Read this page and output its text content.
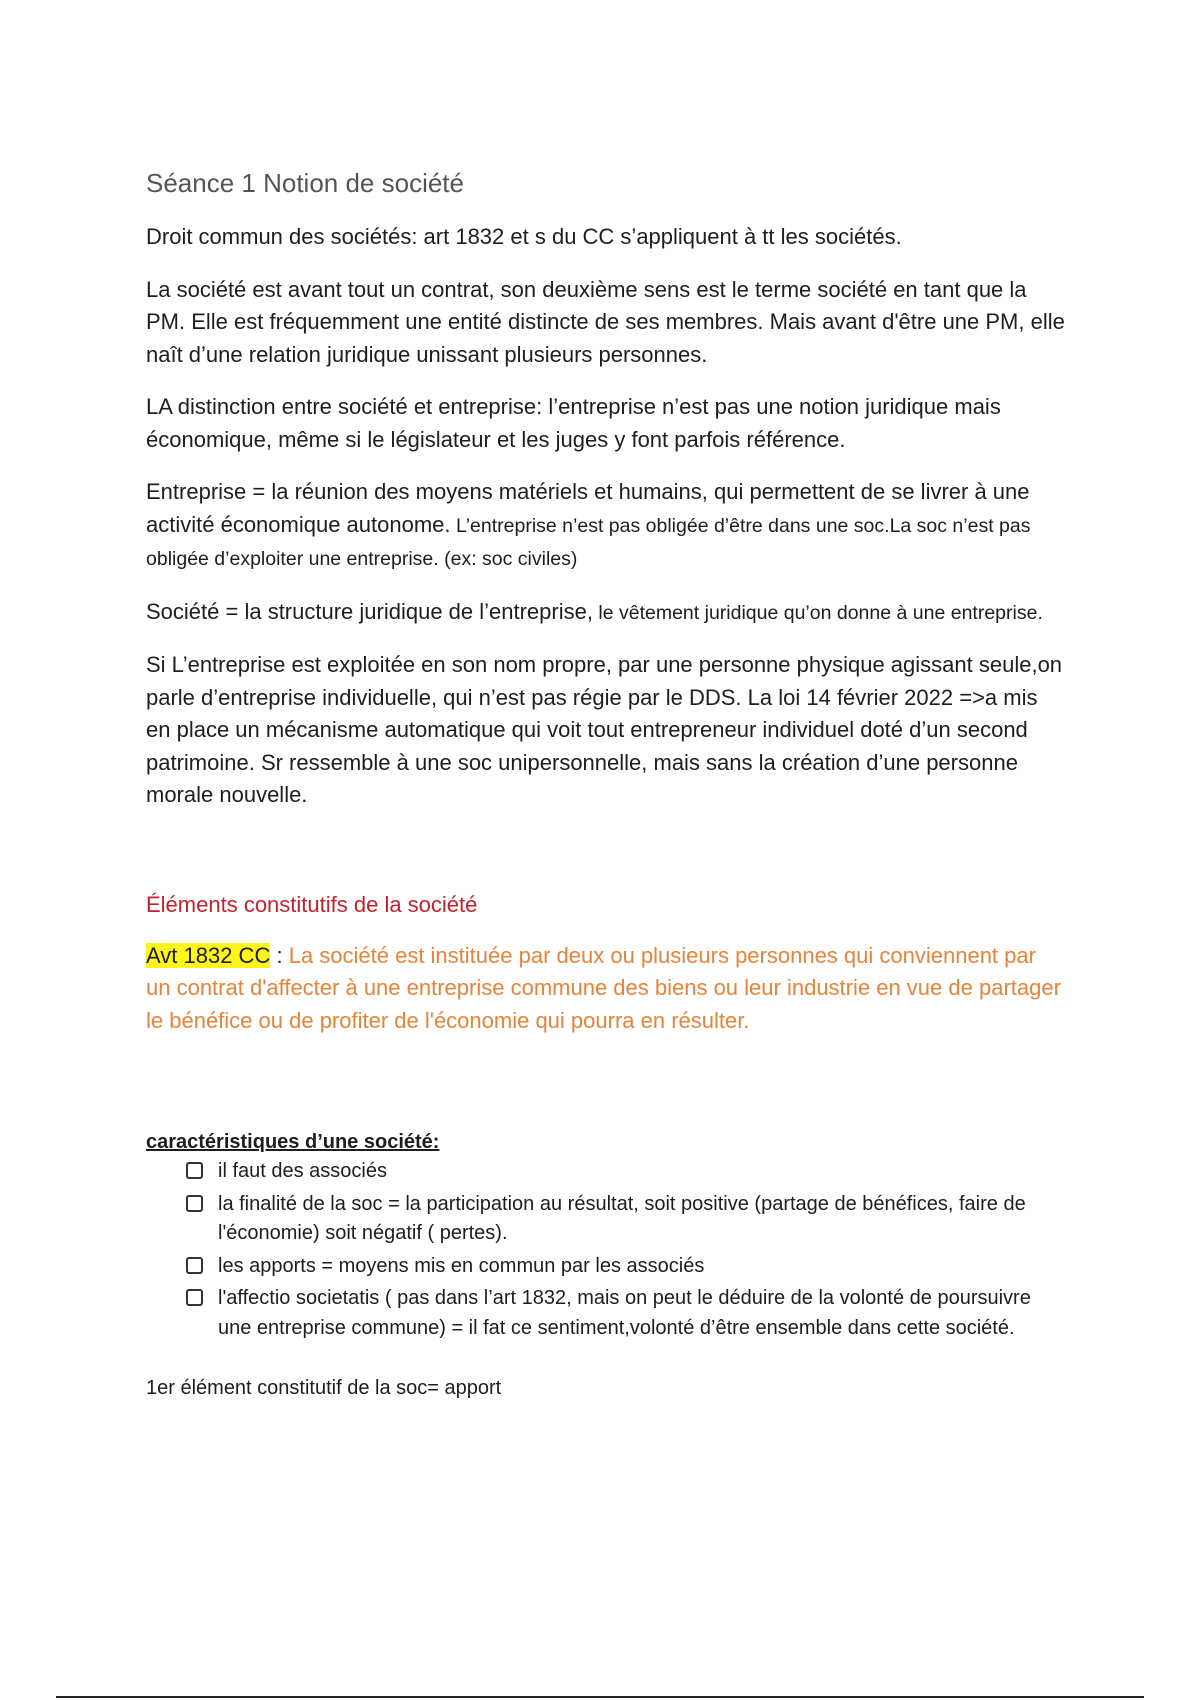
Séance 1 Notion de société

Droit commun des sociétés: art 1832 et s du CC s’appliquent à tt les sociétés.

La société est avant tout un contrat, son deuxième sens est le terme société en tant que la PM. Elle est fréquemment une entité distincte de ses membres. Mais avant d'être une PM, elle naît d’une relation juridique unissant plusieurs personnes.

LA distinction entre société et entreprise: l’entreprise n’est pas une notion juridique mais économique, même si le législateur et les juges y font parfois référence.

Entreprise = la réunion des moyens matériels et humains, qui permettent de se livrer à une activité économique autonome. L’entreprise n’est pas obligée d’être dans une soc.La soc n’est pas obligée d’exploiter une entreprise. (ex: soc civiles)

Société = la structure juridique de l’entreprise, le vêtement juridique qu’on donne à une entreprise.

Si L’entreprise est exploitée en son nom propre, par une personne physique agissant seule,on parle d’entreprise individuelle, qui n’est pas régie par le DDS. La loi 14 février 2022 =>a mis en place un mécanisme automatique qui voit tout entrepreneur individuel doté d’un second patrimoine. Sr ressemble à une soc unipersonnelle, mais sans la création d’une personne morale nouvelle.

Éléments constitutifs de la société

Avt 1832 CC : La société est instituée par deux ou plusieurs personnes qui conviennent par un contrat d'affecter à une entreprise commune des biens ou leur industrie en vue de partager le bénéfice ou de profiter de l'économie qui pourra en résulter.

caractéristiques d’une société:
il faut des associés
la finalité de la soc = la participation au résultat, soit positive (partage de bénéfices, faire de l'économie) soit négatif ( pertes).
les apports = moyens mis en commun par les associés
l'affectio societatis ( pas dans l’art 1832, mais on peut le déduire de la volonté de poursuivre une entreprise commune) = il fat ce sentiment,volonté d’être ensemble dans cette société.
1er élément constitutif de la soc= apport
